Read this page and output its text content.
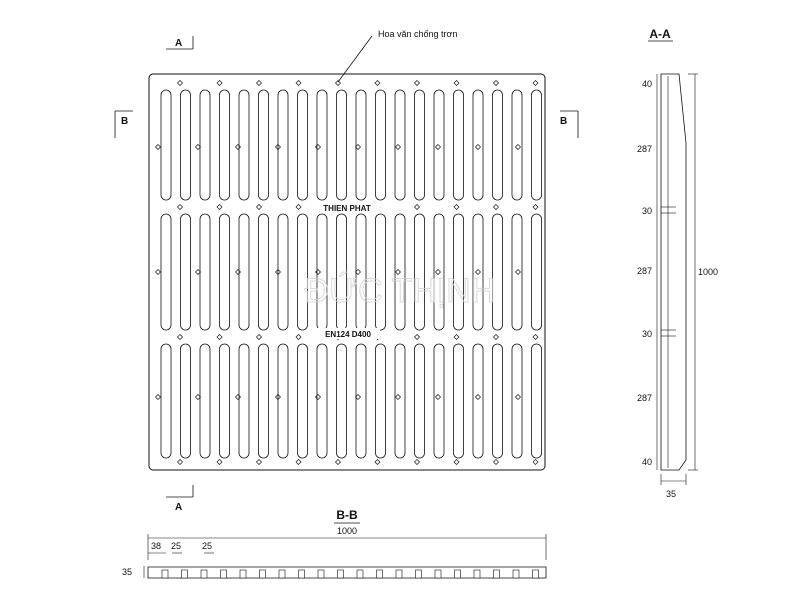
Hoa văn chống trơn
A
A
B	B
THIEN PHAT
EN124 D400
ĐỨC THỊNH
A-A
40
287
30
287
30
287
40
1000
35
B-B
1000
38 25 25
35
